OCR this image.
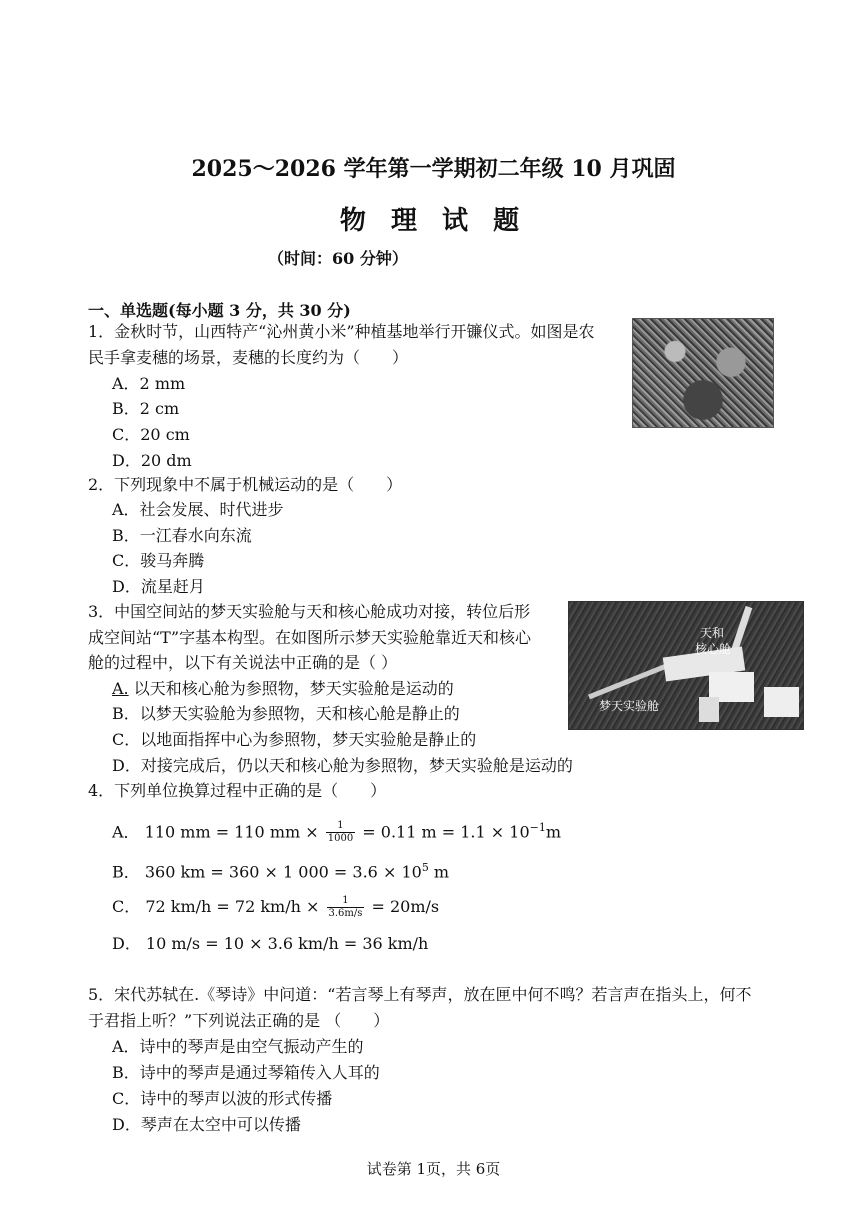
2025～2026 学年第一学期初二年级 10 月巩固
物 理 试 题
（时间：60 分钟）
一、单选题(每小题 3 分，共 30 分)
1．金秋时节，山西特产“沁州黄小米”种植基地举行开镰仪式。如图是农
民手拿麦穗的场景，麦穗的长度约为（　　）
A．2 mm
B．2 cm
C．20 cm
D．20 dm
2．下列现象中不属于机械运动的是（　　）
A．社会发展、时代进步
B．一江春水向东流
C．骏马奔腾
D．流星赶月
3．中国空间站的梦天实验舱与天和核心舱成功对接，转位后形
成空间站“T”字基本构型。在如图所示梦天实验舱靠近天和核心
舱的过程中，以下有关说法中正确的是（ ）
A. 以天和核心舱为参照物，梦天实验舱是运动的
B．以梦天实验舱为参照物，天和核心舱是静止的
C．以地面指挥中心为参照物，梦天实验舱是静止的
D．对接完成后，仍以天和核心舱为参照物，梦天实验舱是运动的
天和
核心舱
梦天实验舱
4．下列单位换算过程中正确的是（　　）
A． 110 mm = 110 mm × $\frac{1}{1000} = 0.11$ $m = 1.1 \times 10^{-1}m$
B． 360 km = 360 × 1 $000 = 3.6 \times 10^5$ m
C． 72 km/h = 72 $km/h \times \frac{1}{3.6m/s} = 20m/s$
D． 10 m/s = 10 × 3.6 km/h = 36 km/h
5．宋代苏轼在.《琴诗》中问道：“若言琴上有琴声，放在匣中何不鸣？若言声在指头上，何不
于君指上听？”下列说法正确的是 （　　）
A．诗中的琴声是由空气振动产生的
B．诗中的琴声是通过琴箱传入人耳的
C．诗中的琴声以波的形式传播
D．琴声在太空中可以传播
试卷第 1页，共 6页
